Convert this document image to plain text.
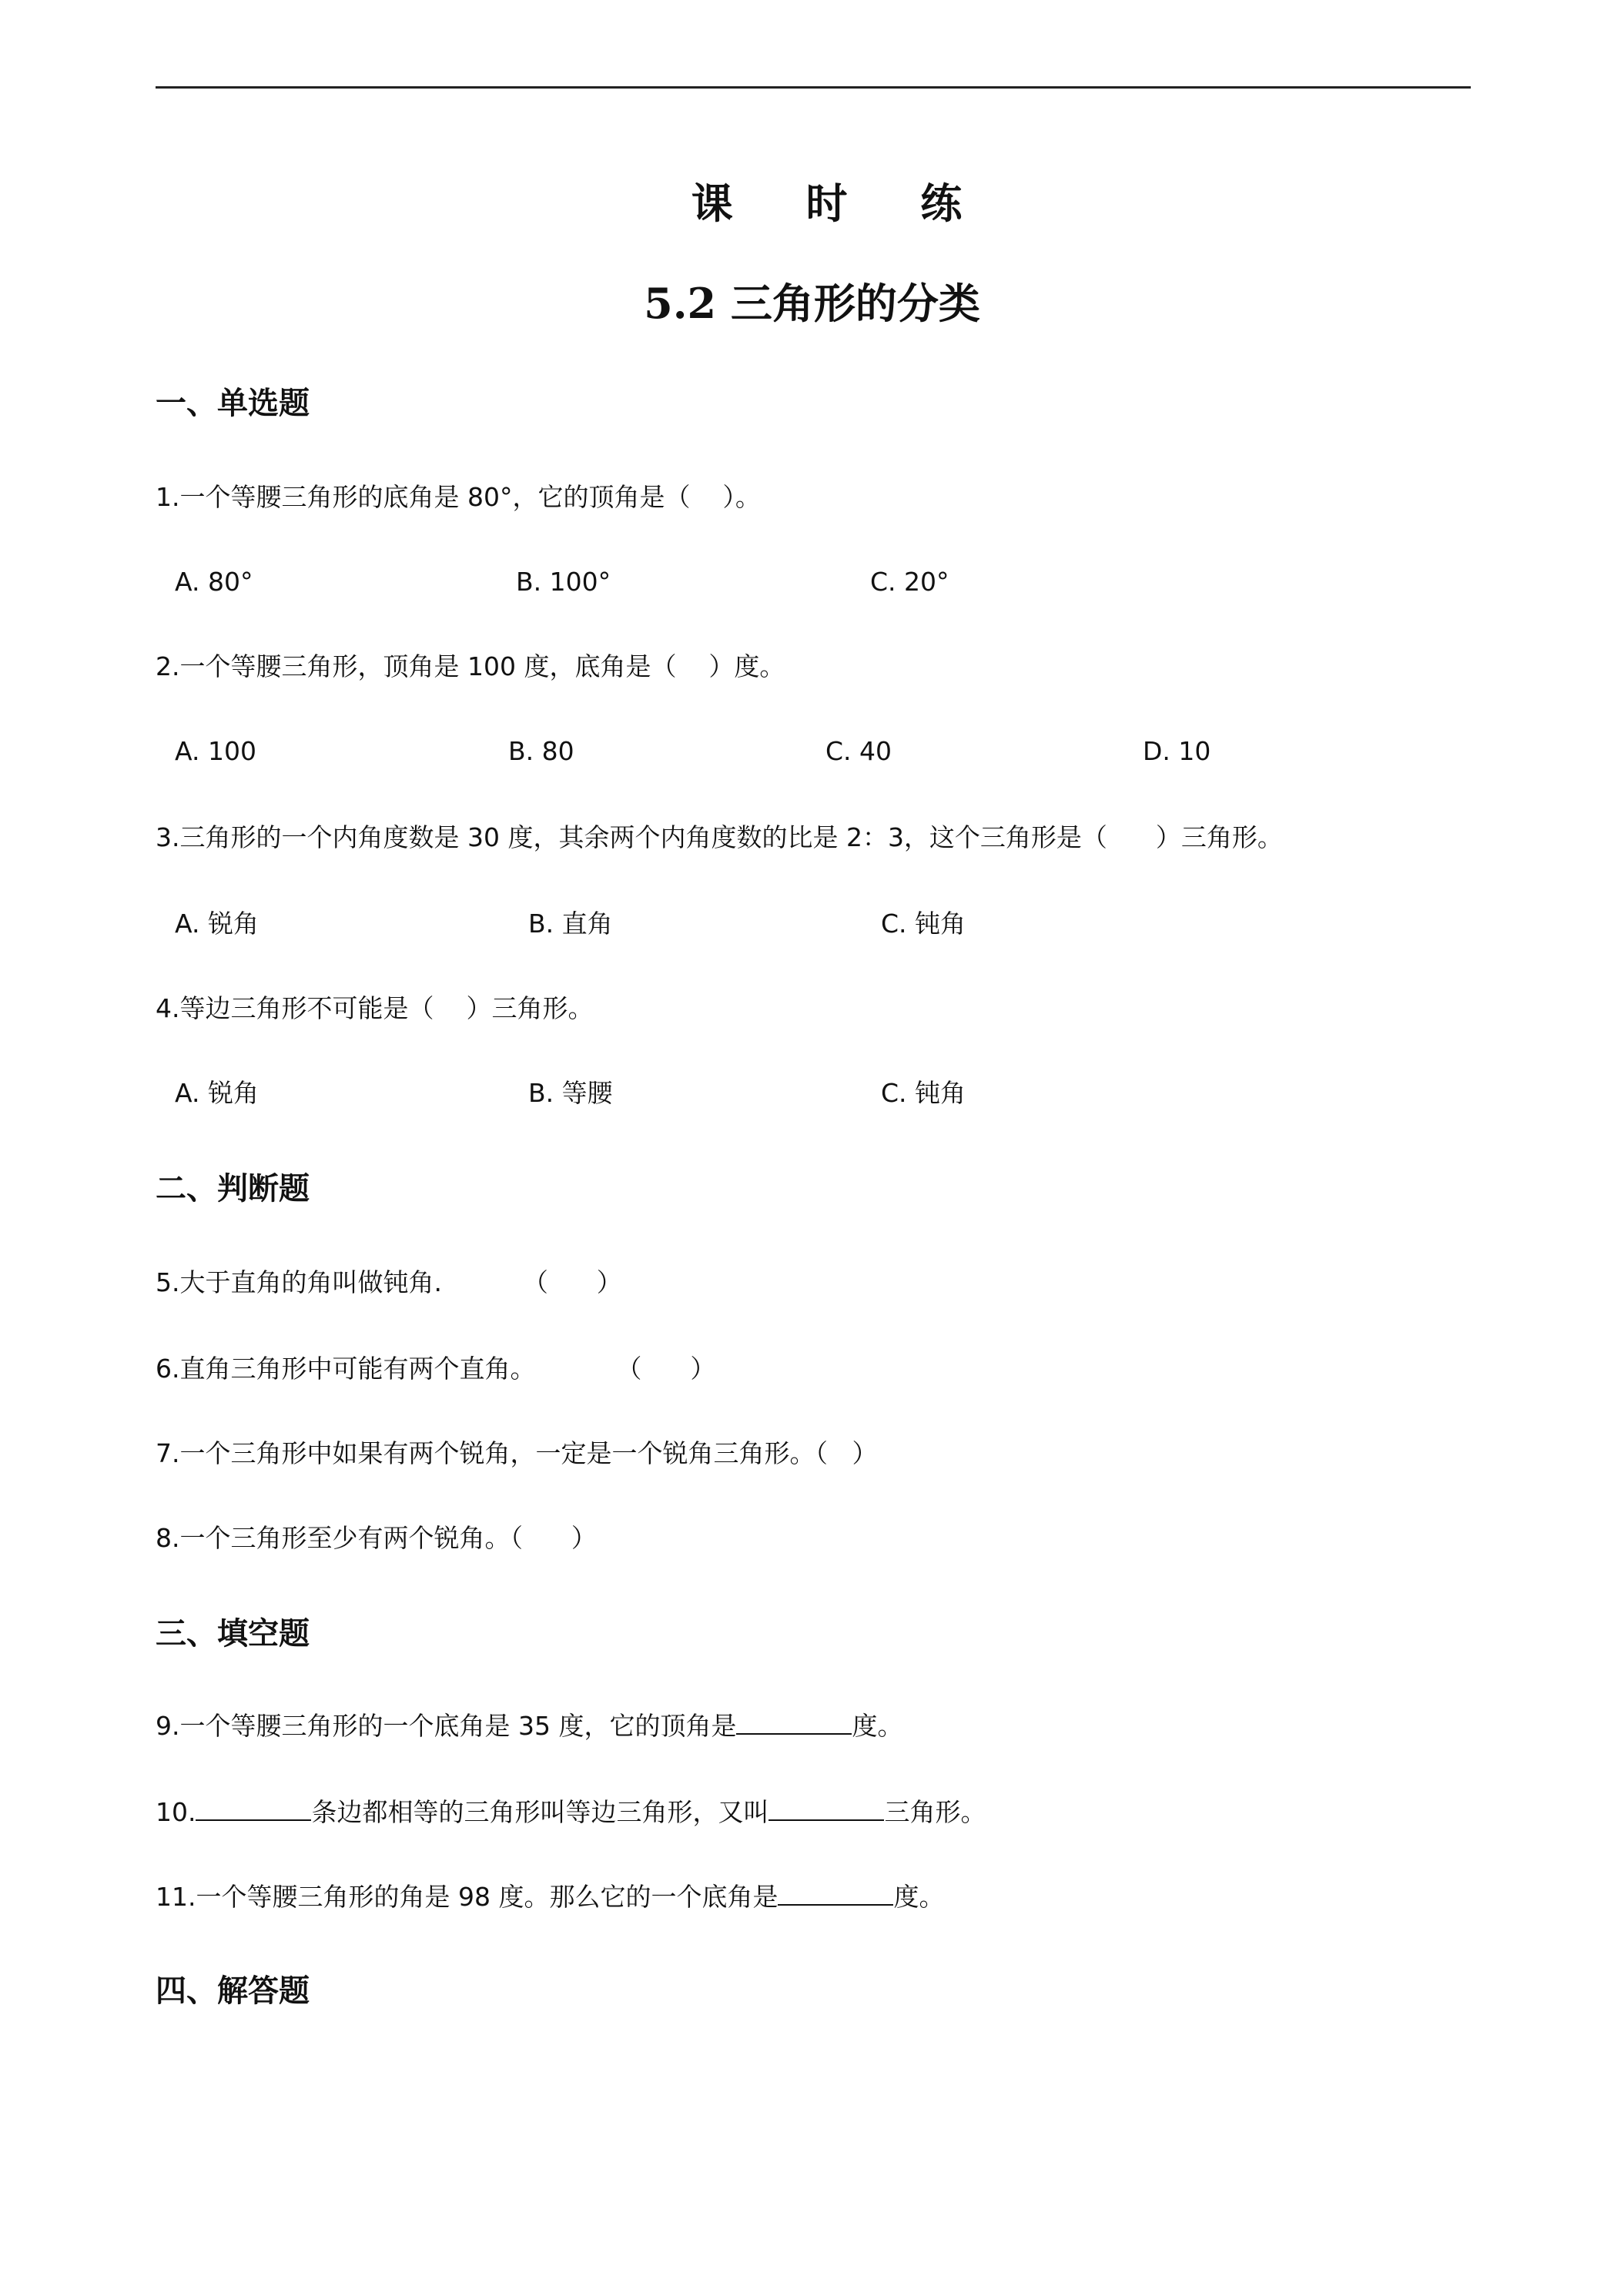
课 时 练
5.2 三角形的分类
一、单选题

1.一个等腰三角形的底角是 80°，它的顶角是（    ）。

A. 80°	B. 100°	C. 20°

2.一个等腰三角形，顶角是 100 度，底角是（    ）度。

A. 100	B. 80	C. 40	D. 10

3.三角形的一个内角度数是 30 度，其余两个内角度数的比是 2：3，这个三角形是（      ）三角形。

A. 锐角	B. 直角	C. 钝角

4.等边三角形不可能是（    ）三角形。

A. 锐角	B. 等腰	C. 钝角
二、判断题

5.大于直角的角叫做钝角.          （      ）

6.直角三角形中可能有两个直角。          （      ）

7.一个三角形中如果有两个锐角，一定是一个锐角三角形。（   ）

8.一个三角形至少有两个锐角。（      ）

三、填空题

9.一个等腰三角形的一个底角是 35 度，它的顶角是	度。

10.	条边都相等的三角形叫等边三角形，又叫	三角形。

11.一个等腰三角形的角是 98 度。那么它的一个底角是	度。

四、解答题
